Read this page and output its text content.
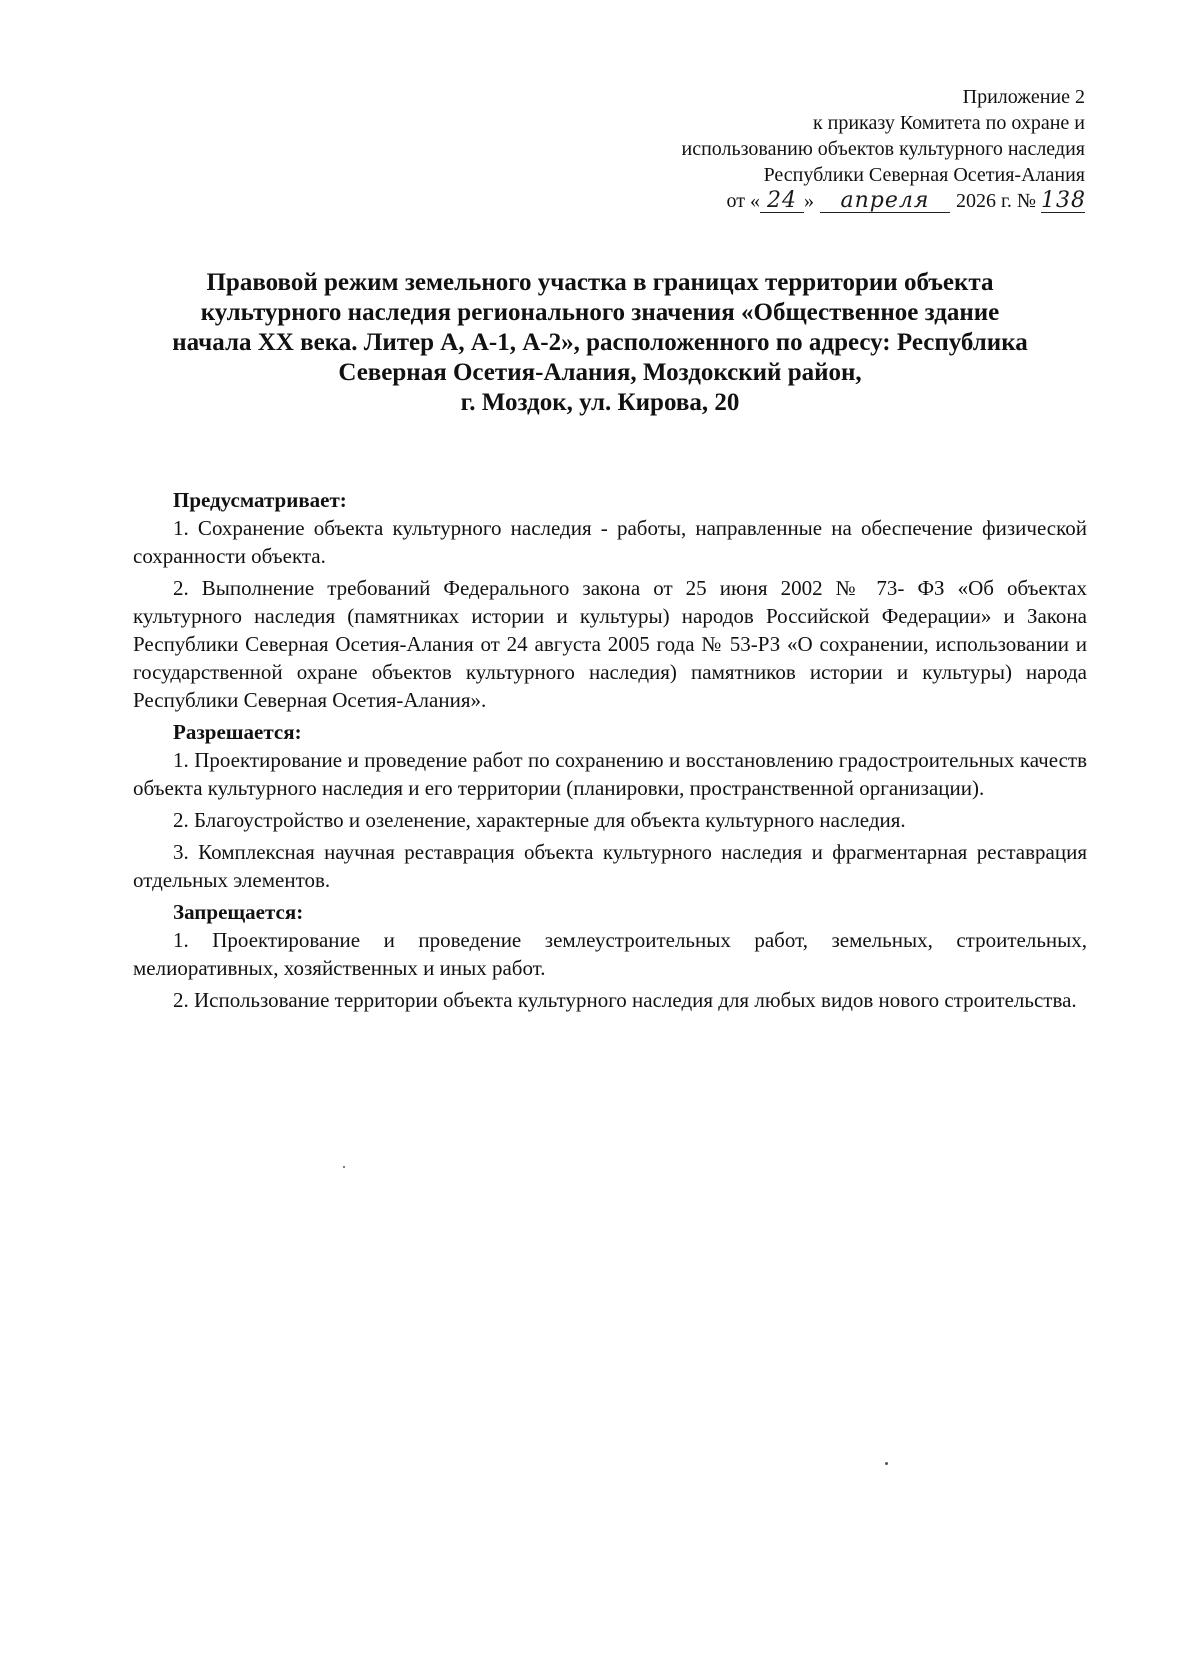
Приложение 2
к приказу Комитета по охране и
использованию объектов культурного наследия
Республики Северная Осетия-Алания
от « 24 » апреля 2026 г. № 138
Правовой режим земельного участка в границах территории объекта
культурного наследия регионального значения «Общественное здание
начала XX века. Литер А, А-1, А-2», расположенного по адресу: Республика
Северная Осетия-Алания, Моздокский район,
г. Моздок, ул. Кирова, 20

Предусматривает:

1. Сохранение объекта культурного наследия - работы, направленные на обеспечение физической сохранности объекта.

2. Выполнение требований Федерального закона от 25 июня 2002 № 73- ФЗ «Об объектах культурного наследия (памятниках истории и культуры) народов Российской Федерации» и Закона Республики Северная Осетия-Алания от 24 августа 2005 года № 53-РЗ «О сохранении, использовании и государственной охране объектов культурного наследия) памятников истории и культуры) народа Республики Северная Осетия-Алания».

Разрешается:

1. Проектирование и проведение работ по сохранению и восстановлению градостроительных качеств объекта культурного наследия и его территории (планировки, пространственной организации).

2. Благоустройство и озеленение, характерные для объекта культурного наследия.

3. Комплексная научная реставрация объекта культурного наследия и фрагментарная реставрация отдельных элементов.

Запрещается:

1. Проектирование и проведение землеустроительных работ, земельных, строительных, мелиоративных, хозяйственных и иных работ.

2. Использование территории объекта культурного наследия для любых видов нового строительства.
